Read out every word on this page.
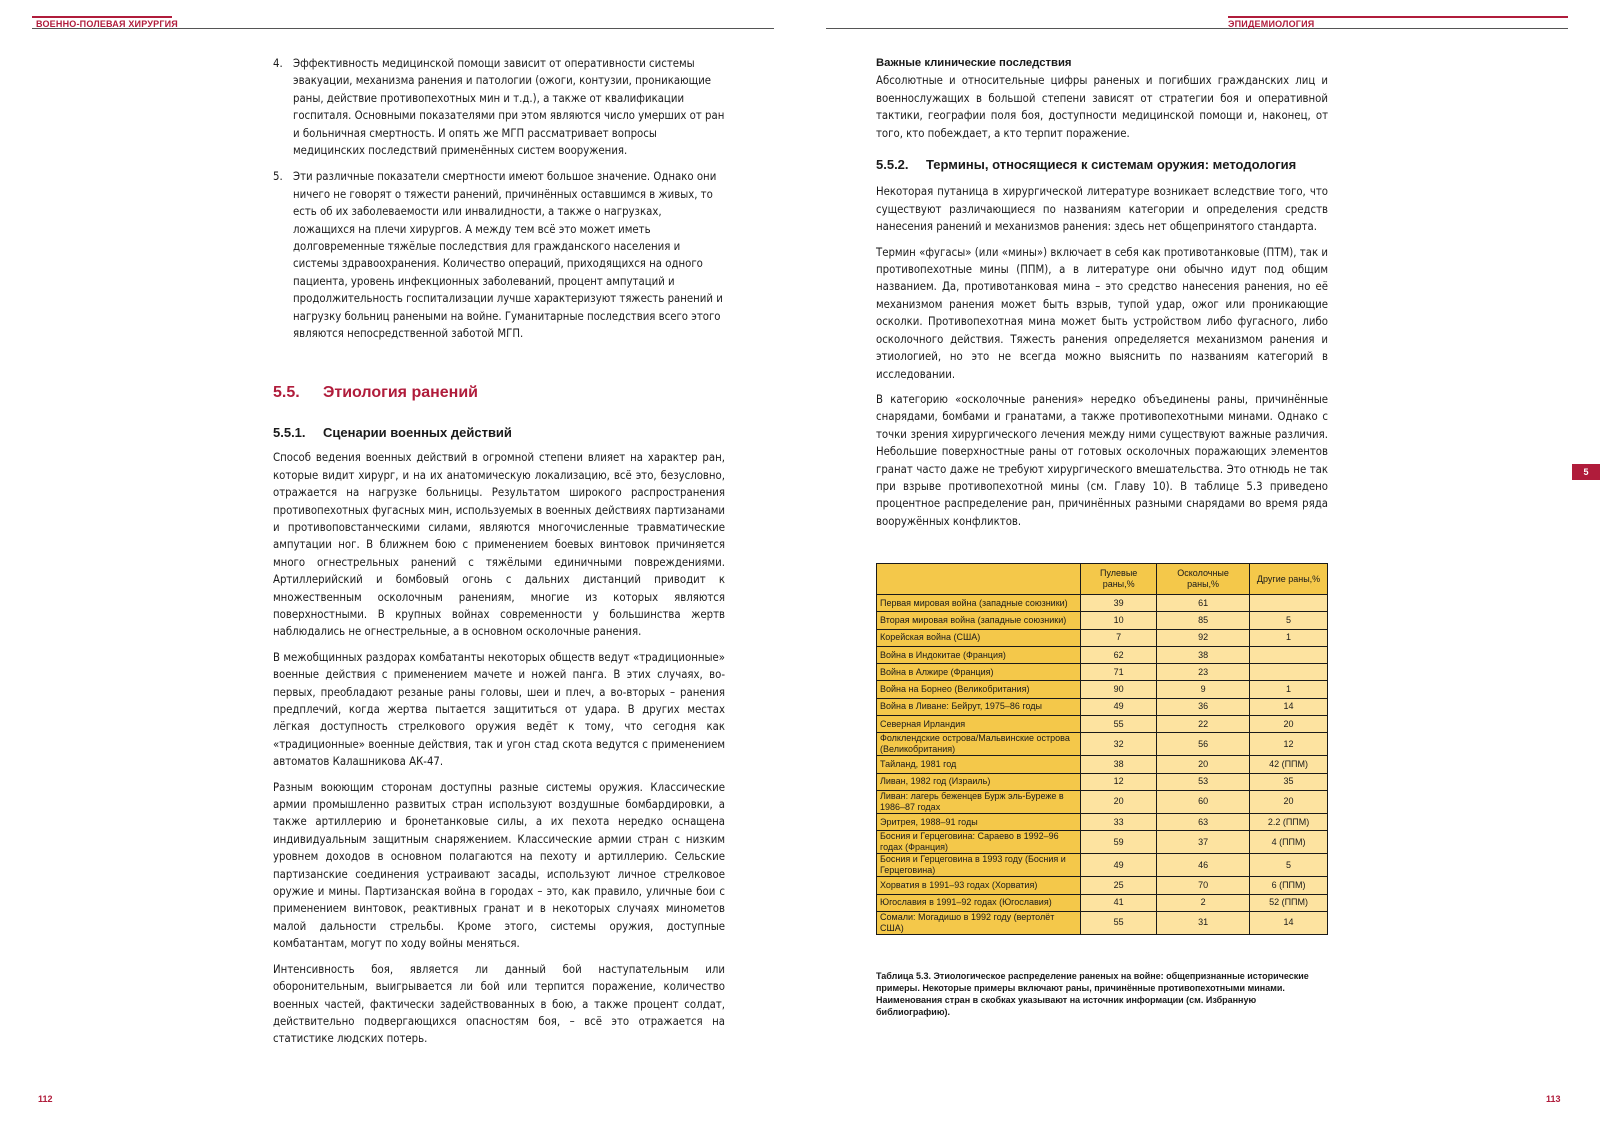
ВОЕННО-ПОЛЕВАЯ ХИРУРГИЯ	ЭПИДЕМИОЛОГИЯ
4. Эффективность медицинской помощи зависит от оперативности системы эвакуации, механизма ранения и патологии (ожоги, контузии, проникающие раны, действие противопехотных мин и т.д.), а также от квалификации госпиталя. Основными показателями при этом являются число умерших от ран и больничная смертность. И опять же МГП рассматривает вопросы медицинских последствий применённых систем вооружения.
5. Эти различные показатели смертности имеют большое значение. Однако они ничего не говорят о тяжести ранений, причинённых оставшимся в живых, то есть об их заболеваемости или инвалидности, а также о нагрузках, ложащихся на плечи хирургов. А между тем всё это может иметь долговременные тяжёлые последствия для гражданского населения и системы здравоохранения. Количество операций, приходящихся на одного пациента, уровень инфекционных заболеваний, процент ампутаций и продолжительность госпитализации лучше характеризуют тяжесть ранений и нагрузку больниц ранеными на войне. Гуманитарные последствия всего этого являются непосредственной заботой МГП.
5.5.	Этиология ранений
5.5.1.	Сценарии военных действий

Способ ведения военных действий в огромной степени влияет на характер ран, которые видит хирург, и на их анатомическую локализацию, всё это, безусловно, отражается на нагрузке больницы. Результатом широкого распространения противопехотных фугасных мин, используемых в военных действиях партизанами и противоповстанческими силами, являются многочисленные травматические ампутации ног. В ближнем бою с применением боевых винтовок причиняется много огнестрельных ранений с тяжёлыми единичными повреждениями. Артиллерийский и бомбовый огонь с дальних дистанций приводит к множественным осколочным ранениям, многие из которых являются поверхностными. В крупных войнах современности у большинства жертв наблюдались не огнестрельные, а в основном осколочные ранения.

В межобщинных раздорах комбатанты некоторых обществ ведут «традиционные» военные действия с применением мачете и ножей панга. В этих случаях, во-первых, преобладают резаные раны головы, шеи и плеч, а во-вторых – ранения предплечий, когда жертва пытается защититься от удара. В других местах лёгкая доступность стрелкового оружия ведёт к тому, что сегодня как «традиционные» военные действия, так и угон стад скота ведутся с применением автоматов Калашникова АК-47.

Разным воюющим сторонам доступны разные системы оружия. Классические армии промышленно развитых стран используют воздушные бомбардировки, а также артиллерию и бронетанковые силы, а их пехота нередко оснащена индивидуальным защитным снаряжением. Классические армии стран с низким уровнем доходов в основном полагаются на пехоту и артиллерию. Сельские партизанские соединения устраивают засады, используют личное стрелковое оружие и мины. Партизанская война в городах – это, как правило, уличные бои с применением винтовок, реактивных гранат и в некоторых случаях минометов малой дальности стрельбы. Кроме этого, системы оружия, доступные комбатантам, могут по ходу войны меняться.

Интенсивность боя, является ли данный бой наступательным или оборонительным, выигрывается ли бой или терпится поражение, количество военных частей, фактически задействованных в бою, а также процент солдат, действительно подвергающихся опасностям боя, – всё это отражается на статистике людских потерь.

Важные клинические последствия

Абсолютные и относительные цифры раненых и погибших гражданских лиц и военнослужащих в большой степени зависят от стратегии боя и оперативной тактики, географии поля боя, доступности медицинской помощи и, наконец, от того, кто побеждает, а кто терпит поражение.

5.5.2.	Термины, относящиеся к системам оружия: методология

Некоторая путаница в хирургической литературе возникает вследствие того, что существуют различающиеся по названиям категории и определения средств нанесения ранений и механизмов ранения: здесь нет общепринятого стандарта.

Термин «фугасы» (или «мины») включает в себя как противотанковые (ПТМ), так и противопехотные мины (ППМ), а в литературе они обычно идут под общим названием. Да, противотанковая мина – это средство нанесения ранения, но её механизмом ранения может быть взрыв, тупой удар, ожог или проникающие осколки. Противопехотная мина может быть устройством либо фугасного, либо осколочного действия. Тяжесть ранения определяется механизмом ранения и этиологией, но это не всегда можно выяснить по названиям категорий в исследовании.

В категорию «осколочные ранения» нередко объединены раны, причинённые снарядами, бомбами и гранатами, а также противопехотными минами. Однако с точки зрения хирургического лечения между ними существуют важные различия. Небольшие поверхностные раны от готовых осколочных поражающих элементов гранат часто даже не требуют хирургического вмешательства. Это отнюдь не так при взрыве противопехотной мины (см. Главу 10). В таблице 5.3 приведено процентное распределение ран, причинённых разными снарядами во время ряда вооружённых конфликтов.

	Пулевые раны,%	Осколочные раны,%	Другие раны,%
Первая мировая война (западные союзники)	39	61	
Вторая мировая война (западные союзники)	10	85	5
Корейская война (США)	7	92	1
Война в Индокитае (Франция)	62	38	
Война в Алжире (Франция)	71	23	
Война на Борнео (Великобритания)	90	9	1
Война в Ливане: Бейрут, 1975–86 годы	49	36	14
Северная Ирландия	55	22	20
Фолклендские острова/Мальвинские острова (Великобритания)	32	56	12
Тайланд, 1981 год	38	20	42 (ППМ)
Ливан, 1982 год (Израиль)	12	53	35
Ливан: лагерь беженцев Бурж эль-Буреже в 1986–87 годах	20	60	20
Эритрея, 1988–91 годы	33	63	2.2 (ППМ)
Босния и Герцеговина: Сараево в 1992–96 годах (Франция)	59	37	4 (ППМ)
Босния и Герцеговина в 1993 году (Босния и Герцеговина)	49	46	5
Хорватия в 1991–93 годах (Хорватия)	25	70	6 (ППМ)
Югославия в 1991–92 годах (Югославия)	41	2	52 (ППМ)
Сомали: Могадишо в 1992 году (вертолёт США)	55	31	14
Таблица 5.3. Этиологическое распределение раненых на войне: общепризнанные исторические примеры. Некоторые примеры включают раны, причинённые противопехотными минами. Наименования стран в скобках указывают на источник информации (см. Избранную библиографию).
5
112	113
